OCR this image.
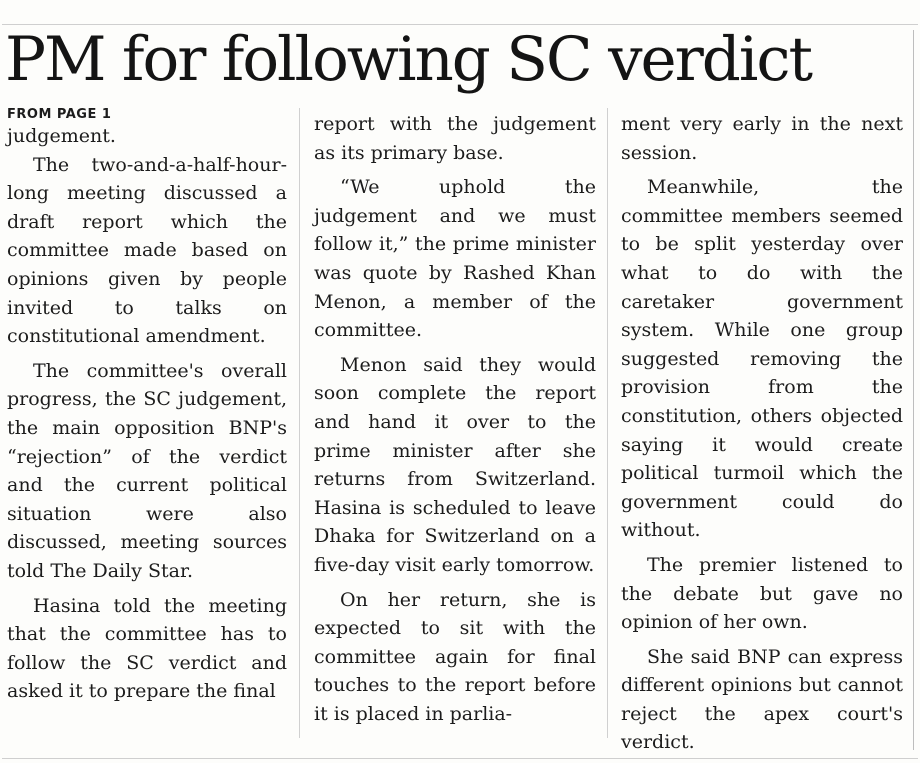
PM for following SC verdict
FROM PAGE 1

judgement.

The two-and-a-half-hour-long meeting discussed a draft report which the committee made based on opinions given by people invited to talks on constitutional amendment.

The committee's overall progress, the SC judgement, the main opposition BNP's “rejection” of the verdict and the current political situation were also discussed, meeting sources told The Daily Star.

Hasina told the meeting that the committee has to follow the SC verdict and asked it to prepare the final

report with the judgement as its primary base.

“We uphold the judgement and we must follow it,” the prime minister was quote by Rashed Khan Menon, a member of the committee.

Menon said they would soon complete the report and hand it over to the prime minister after she returns from Switzerland. Hasina is scheduled to leave Dhaka for Switzerland on a five-day visit early tomorrow.

On her return, she is expected to sit with the committee again for final touches to the report before it is placed in parlia-

ment very early in the next session.

Meanwhile, the committee members seemed to be split yesterday over what to do with the caretaker government system. While one group suggested removing the provision from the constitution, others objected saying it would create political turmoil which the government could do without.

The premier listened to the debate but gave no opinion of her own.

She said BNP can express different opinions but cannot reject the apex court's verdict.
